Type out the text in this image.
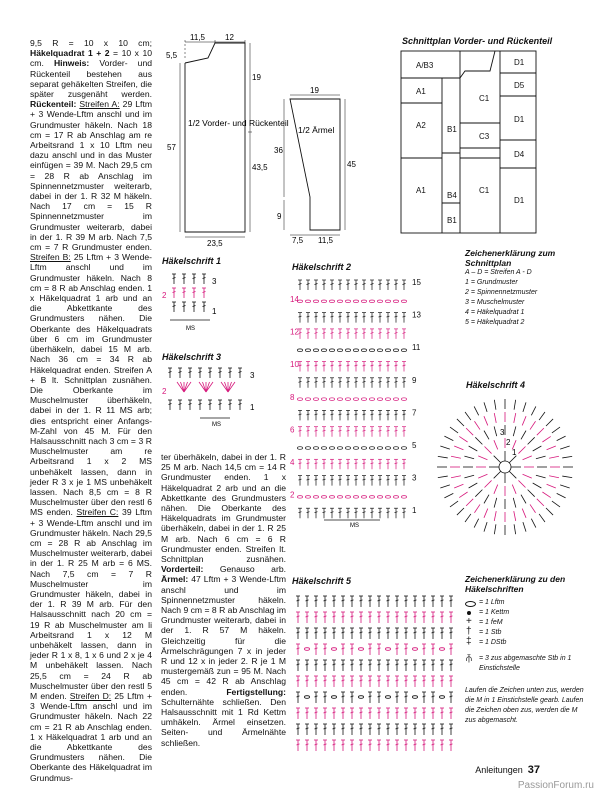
9,5 R = 10 x 10 cm; Häkelquadrat 1 + 2 = 10 x 10 cm. Hinweis: Vorder- und Rückenteil bestehen aus separat gehäkelten Streifen, die später zusgenäht werden. Rückenteil: Streifen A: 29 Lftm + 3 Wende-Lftm anschl und im Grundmuster häkeln. Nach 18 cm = 17 R ab Anschlag am re Arbeitsrand 1 x 10 Lftm neu dazu anschl und in das Muster einfügen = 39 M. Nach 29,5 cm = 28 R ab Anschlag im Spinnennetzmuster weiterarb, dabei in der 1. R 32 M häkeln. Nach 17 cm = 15 R Spinnennetzmuster im Grundmuster weiterarb, dabei in der 1. R 39 M arb. Nach 7,5 cm = 7 R Grundmuster enden. Streifen B: 25 Lftm + 3 Wende-Lftm anschl und im Grundmuster häkeln. Nach 8 cm = 8 R ab Anschlag enden. 1 x Häkelquadrat 1 arb und an die Abkettkante des Grundmusters nähen. Die Oberkante des Häkelquadrats über 6 cm im Grundmuster überhäkeln, dabei 15 M arb. Nach 36 cm = 34 R ab Häkelquadrat enden. Streifen A + B lt. Schnittplan zusnähen. Die Oberkante im Muschelmuster überhäkeln, dabei in der 1. R 11 MS arb; dies entspricht einer Anfangs-M-Zahl von 45 M. Für den Halsausschnitt nach 3 cm = 3 R Muschelmuster am re Arbeitsrand 1 x 2 MS unbehäkelt lassen, dann in jeder R 3 x je 1 MS unbehäkelt lassen. Nach 8,5 cm = 8 R Muschelmuster über den restl 6 MS enden. Streifen C: 39 Lftm + 3 Wende-Lftm anschl und im Grundmuster häkeln. Nach 29,5 cm = 28 R ab Anschlag im Muschelmuster weiterarb, dabei in der 1. R 25 M arb = 6 MS. Nach 7,5 cm = 7 R Muschelmuster im Grundmuster häkeln, dabei in der 1. R 39 M arb. Für den Halsausschnitt nach 20 cm = 19 R ab Muschelmuster am li Arbeitsrand 1 x 12 M unbehäkelt lassen, dann in jeder R 1 x 8, 1 x 6 und 2 x je 4 M unbehäkelt lassen. Nach 25,5 cm = 24 R ab Muschelmuster über den restl 5 M enden. Streifen D: 25 Lftm + 3 Wende-Lftm anschl und im Grundmuster häkeln. Nach 22 cm = 21 R ab Anschlag enden. 1 x Häkelquadrat 1 arb und an die Abkettkante des Grundmusters nähen. Die Oberkante des Häkelquadrat im Grundmus-

ter überhäkeln, dabei in der 1. R 25 M arb. Nach 14,5 cm = 14 R Grundmuster enden. 1 x Häkelquadrat 2 arb und an die Abkettkante des Grundmusters nähen. Die Oberkante des Häkelquadrats im Grundmuster überhäkeln, dabei in der 1. R 25 M arb. Nach 6 cm = 6 R Grundmuster enden. Streifen lt. Schnittplan zusnähen. Vorderteil: Genauso arb. Ärmel: 47 Lftm + 3 Wende-Lftm anschl und im Spinnennetzmuster häkeln. Nach 9 cm = 8 R ab Anschlag im Grundmuster weiterarb, dabei in der 1. R 57 M häkeln. Gleichzeitig für die Ärmelschrägungen 7 x in jeder R und 12 x in jeder 2. R je 1 M mustergemäß zun = 95 M. Nach 45 cm = 42 R ab Anschlag enden.	Fertigstellung: Schulternähte schließen. Den Halsausschnitt mit 1 Rd Kettm umhäkeln. Ärmel einsetzen. Seiten- und Ärmelnähte schließen.

11,5	12
5,5
19
57
43,5
23,5
1/2 Vorder- und Rückenteil
19
36
45
9
7,5 11,5
1/2 Ärmel
Schnittplan Vorder- und Rückenteil
A/B3	D1
D5
A1
C1
D1
A2	B1
C3
D4
A1
B4
C1
D1
B1
Zeichenerklärung zum Schnittplan
A – D = Streifen A - D
1 = Grundmuster
2 = Spinnennetzmuster
3 = Muschelmuster
4 = Häkelquadrat 1
5 = Häkelquadrat 2
Häkelschrift 1
3
2
1
MS
Häkelschrift 3
3
2
1
MS
Häkelschrift 2
14
12
10
8
6
4
2
15
13
11
9
7
5
3
1
MS
Häkelschrift 4
3
2
1
Häkelschrift 5	Zeichenerklärung zu den Häkelschriften
= 1 Lftm
= 1 Kettm
+ = 1 feM
† = 1 Stb
‡ = 1 DStb
⫚ = 3 zus abgemaschte Stb in 1 Einstichstelle
Laufen die Zeichen unten zus, werden die M in 1 Einstichstelle gearb. Laufen die Zeichen oben zus, werden die M zus abgemascht.
Anleitungen 37
PassionForum.ru
